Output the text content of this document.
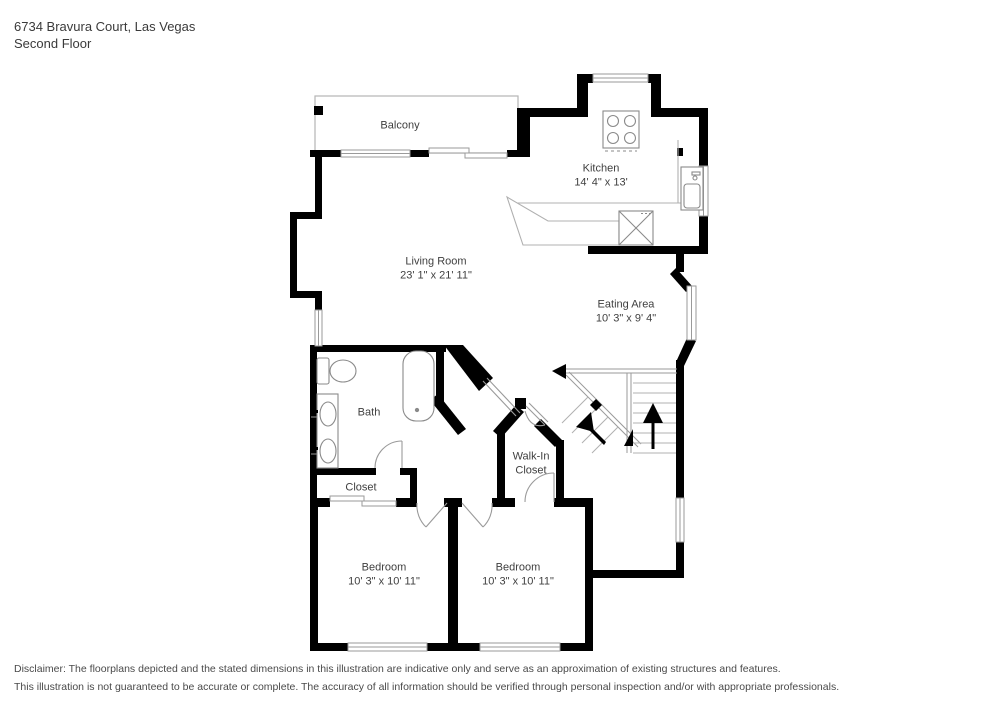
6734 Bravura Court, Las Vegas
Second Floor
Balcony
Kitchen
14' 4" x 13'
Living Room
23' 1" x 21' 11"
Eating Area
10' 3" x 9' 4"
Bath
Walk-In Closet
Closet
Bedroom
10' 3" x 10' 11"
Bedroom
10' 3" x 10' 11"
Disclaimer: The floorplans depicted and the stated dimensions in this illustration are indicative only and serve as an approximation of existing structures and features.
This illustration is not guaranteed to be accurate or complete. The accuracy of all information should be verified through personal inspection and/or with appropriate professionals.
